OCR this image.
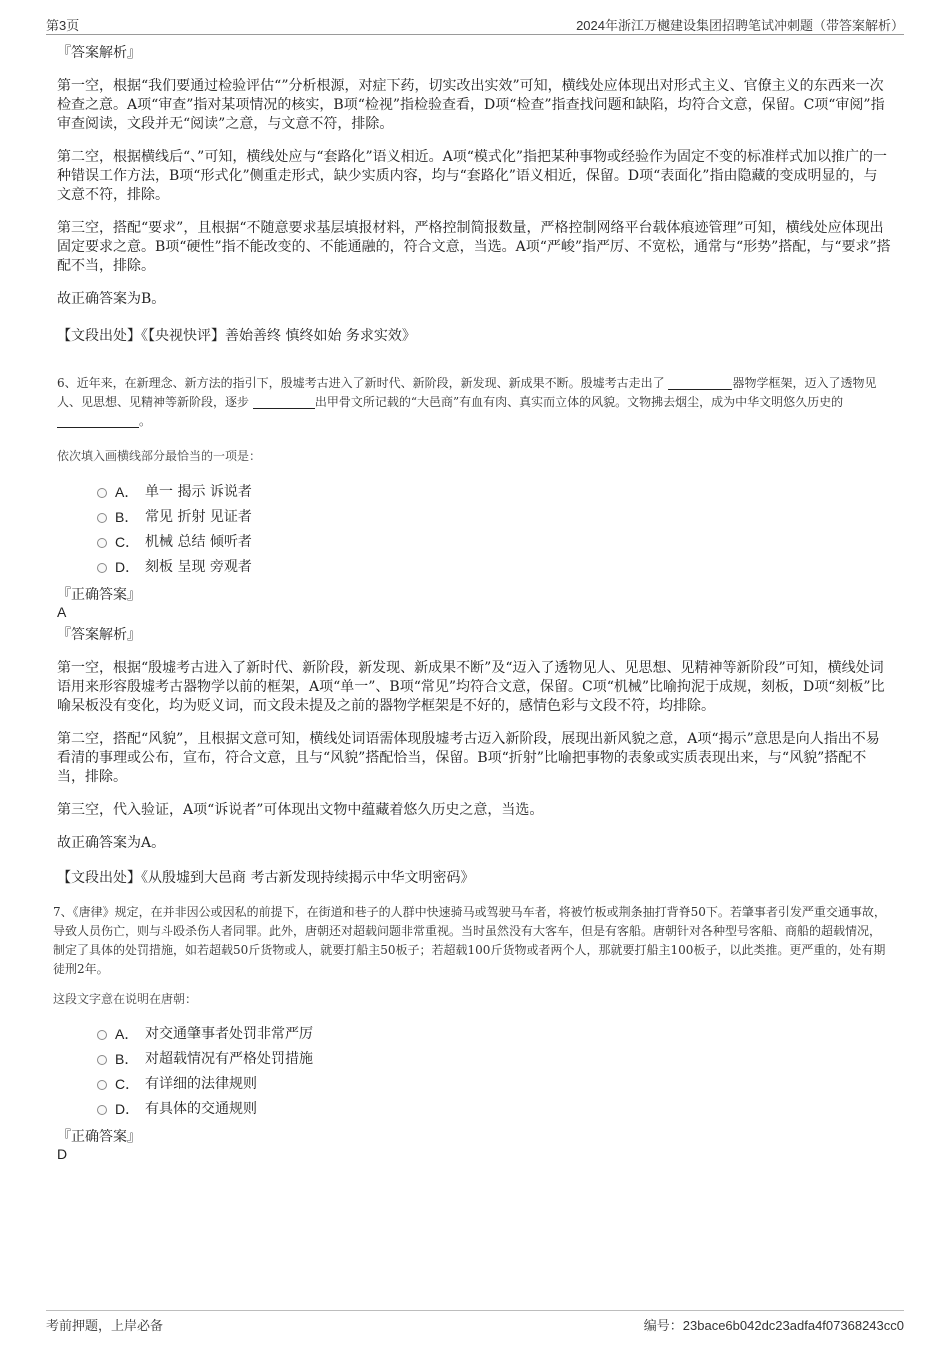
第3页	2024年浙江万樾建设集团招聘笔试冲刺题（带答案解析）

『答案解析』

第一空，根据“我们要通过检验评估“”分析根源，对症下药，切实改出实效”可知，横线处应体现出对形式主义、官僚主义的东西来一次检查之意。A项“审查”指对某项情况的核实，B项“检视”指检验查看，D项“检查”指查找问题和缺陷，均符合文意，保留。C项“审阅”指审查阅读，文段并无“阅读”之意，与文意不符，排除。

第二空，根据横线后“、”可知，横线处应与“套路化”语义相近。A项“模式化”指把某种事物或经验作为固定不变的标准样式加以推广的一种错误工作方法，B项“形式化”侧重走形式，缺少实质内容，均与“套路化”语义相近，保留。D项“表面化”指由隐藏的变成明显的，与文意不符，排除。

第三空，搭配“要求”，且根据“不随意要求基层填报材料，严格控制简报数量，严格控制网络平台载体痕迹管理”可知，横线处应体现出固定要求之意。B项“硬性”指不能改变的、不能通融的，符合文意，当选。A项“严峻”指严厉、不宽松，通常与“形势”搭配，与“要求”搭配不当，排除。

故正确答案为B。

【文段出处】《【央视快评】善始善终 慎终如始 务求实效》

6、近年来，在新理念、新方法的指引下，殷墟考古进入了新时代、新阶段，新发现、新成果不断。殷墟考古走出了	器物学框架，迈入了透物见人、见思想、见精神等新阶段，逐步	出甲骨文所记载的“大邑商”有血有肉、真实而立体的风貌。文物拂去烟尘，成为中华文明悠久历史的 。

依次填入画横线部分最恰当的一项是：

A． 单一 揭示 诉说者
B． 常见 折射 见证者
C． 机械 总结 倾听者
D． 刻板 呈现 旁观者

『正确答案』

A

『答案解析』

第一空，根据“殷墟考古进入了新时代、新阶段，新发现、新成果不断”及“迈入了透物见人、见思想、见精神等新阶段”可知，横线处词语用来形容殷墟考古器物学以前的框架，A项“单一”、B项“常见”均符合文意，保留。C项“机械”比喻拘泥于成规，刻板，D项“刻板”比喻呆板没有变化，均为贬义词，而文段未提及之前的器物学框架是不好的，感情色彩与文段不符，均排除。

第二空，搭配“风貌”，且根据文意可知，横线处词语需体现殷墟考古迈入新阶段，展现出新风貌之意，A项“揭示”意思是向人指出不易看清的事理或公布，宣布，符合文意，且与“风貌”搭配恰当，保留。B项“折射”比喻把事物的表象或实质表现出来，与“风貌”搭配不当，排除。

第三空，代入验证，A项“诉说者”可体现出文物中蕴藏着悠久历史之意，当选。

故正确答案为A。

【文段出处】《从殷墟到大邑商 考古新发现持续揭示中华文明密码》

7、《唐律》规定，在并非因公或因私的前提下，在街道和巷子的人群中快速骑马或驾驶马车者，将被竹板或荆条抽打背脊50下。若肇事者引发严重交通事故，导致人员伤亡，则与斗殴杀伤人者同罪。此外，唐朝还对超载问题非常重视。当时虽然没有大客车，但是有客船。唐朝针对各种型号客船、商船的超载情况，制定了具体的处罚措施，如若超载50斤货物或人，就要打船主50板子；若超载100斤货物或者两个人，那就要打船主100板子，以此类推。更严重的，处有期徒刑2年。

这段文字意在说明在唐朝：

A． 对交通肇事者处罚非常严厉
B． 对超载情况有严格处罚措施
C． 有详细的法律规则
D． 有具体的交通规则

『正确答案』

D

考前押题，上岸必备	编号：23bace6b042dc23adfa4f07368243cc0
